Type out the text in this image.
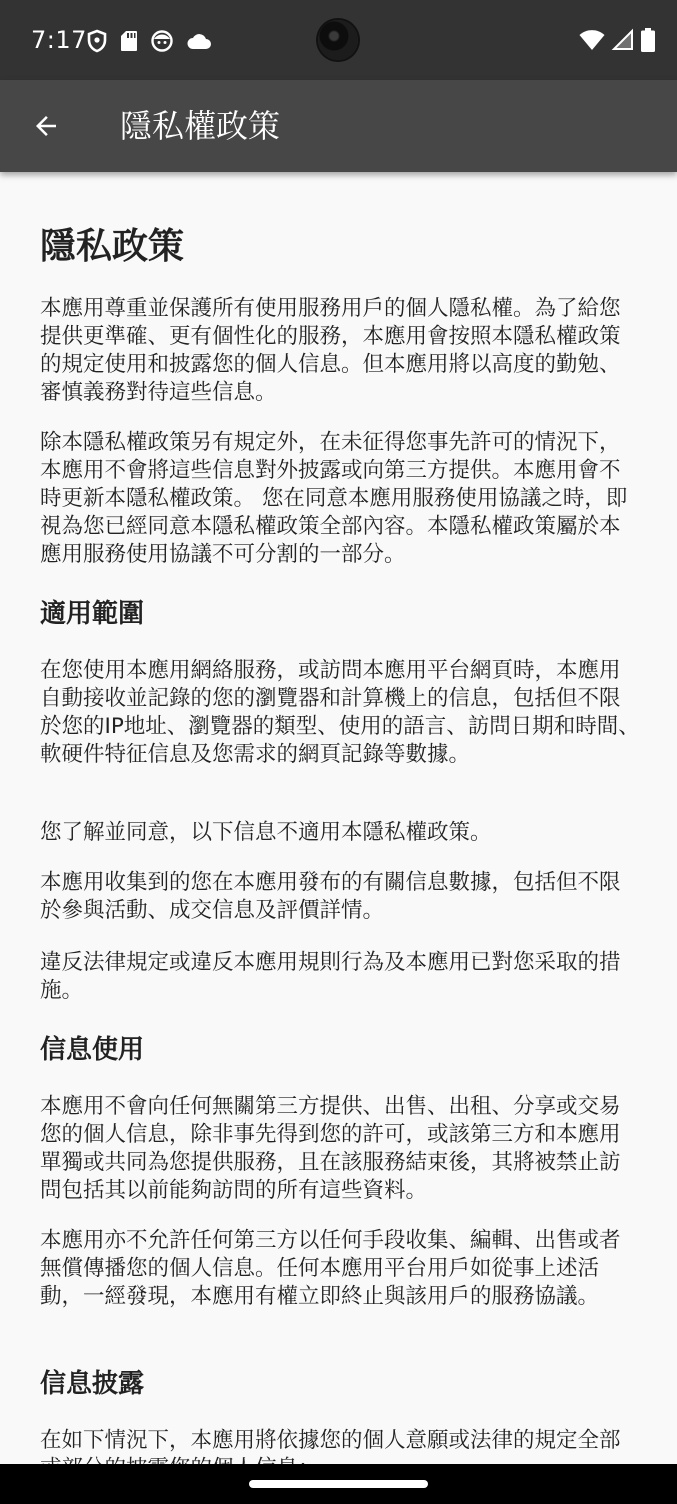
7:17
隱私權政策
隱私政策

本應用尊重並保護所有使用服務用戶的個人隱私權。為了給您提供更準確、更有個性化的服務，本應用會按照本隱私權政策的規定使用和披露您的個人信息。但本應用將以高度的勤勉、審慎義務對待這些信息。

除本隱私權政策另有規定外，在未征得您事先許可的情況下，本應用不會將這些信息對外披露或向第三方提供。本應用會不時更新本隱私權政策。 您在同意本應用服務使用協議之時，即視為您已經同意本隱私權政策全部內容。本隱私權政策屬於本應用服務使用協議不可分割的一部分。

適用範圍

在您使用本應用網絡服務，或訪問本應用平台網頁時，本應用自動接收並記錄的您的瀏覽器和計算機上的信息，包括但不限於您的IP地址、瀏覽器的類型、使用的語言、訪問日期和時間、軟硬件特征信息及您需求的網頁記錄等數據。

您了解並同意，以下信息不適用本隱私權政策。

本應用收集到的您在本應用發布的有關信息數據，包括但不限於參與活動、成交信息及評價詳情。

違反法律規定或違反本應用規則行為及本應用已對您采取的措施。

信息使用

本應用不會向任何無關第三方提供、出售、出租、分享或交易您的個人信息，除非事先得到您的許可，或該第三方和本應用單獨或共同為您提供服務，且在該服務結束後，其將被禁止訪問包括其以前能夠訪問的所有這些資料。

本應用亦不允許任何第三方以任何手段收集、編輯、出售或者無償傳播您的個人信息。任何本應用平台用戶如從事上述活動，一經發現，本應用有權立即終止與該用戶的服務協議。

信息披露

在如下情況下，本應用將依據您的個人意願或法律的規定全部
